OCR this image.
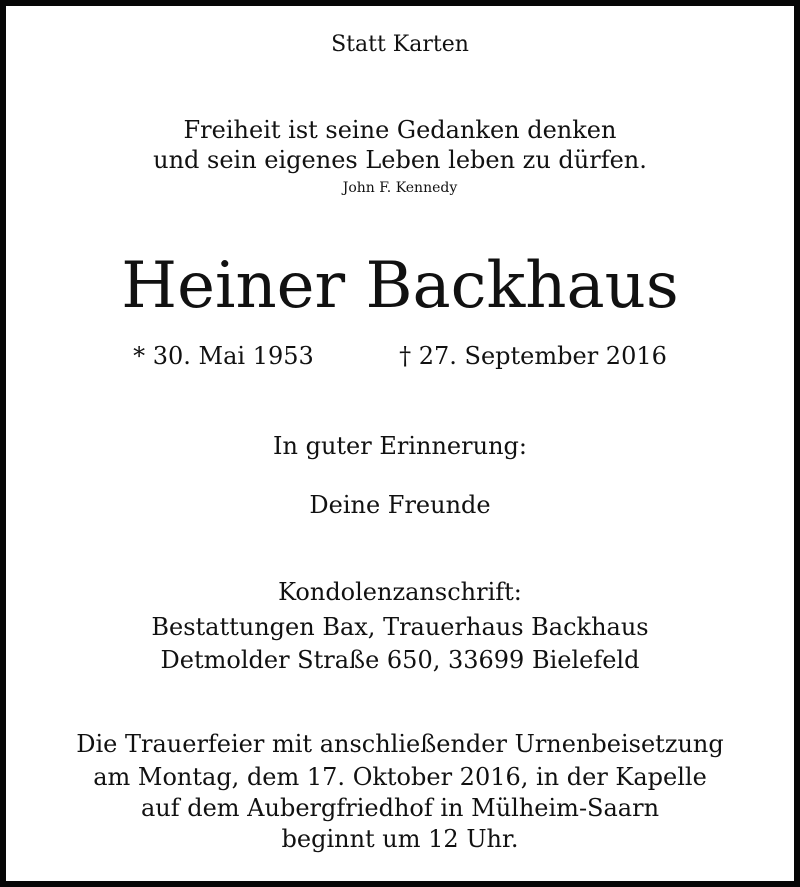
Statt Karten
Freiheit ist seine Gedanken denken
und sein eigenes Leben leben zu dürfen.
John F. Kennedy
Heiner Backhaus
* 30. Mai 1953	† 27. September 2016
In guter Erinnerung:
Deine Freunde
Kondolenzanschrift:
Bestattungen Bax, Trauerhaus Backhaus
Detmolder Straße 650, 33699 Bielefeld
Die Trauerfeier mit anschließender Urnenbeisetzung
am Montag, dem 17. Oktober 2016, in der Kapelle
auf dem Aubergfriedhof in Mülheim-Saarn
beginnt um 12 Uhr.
